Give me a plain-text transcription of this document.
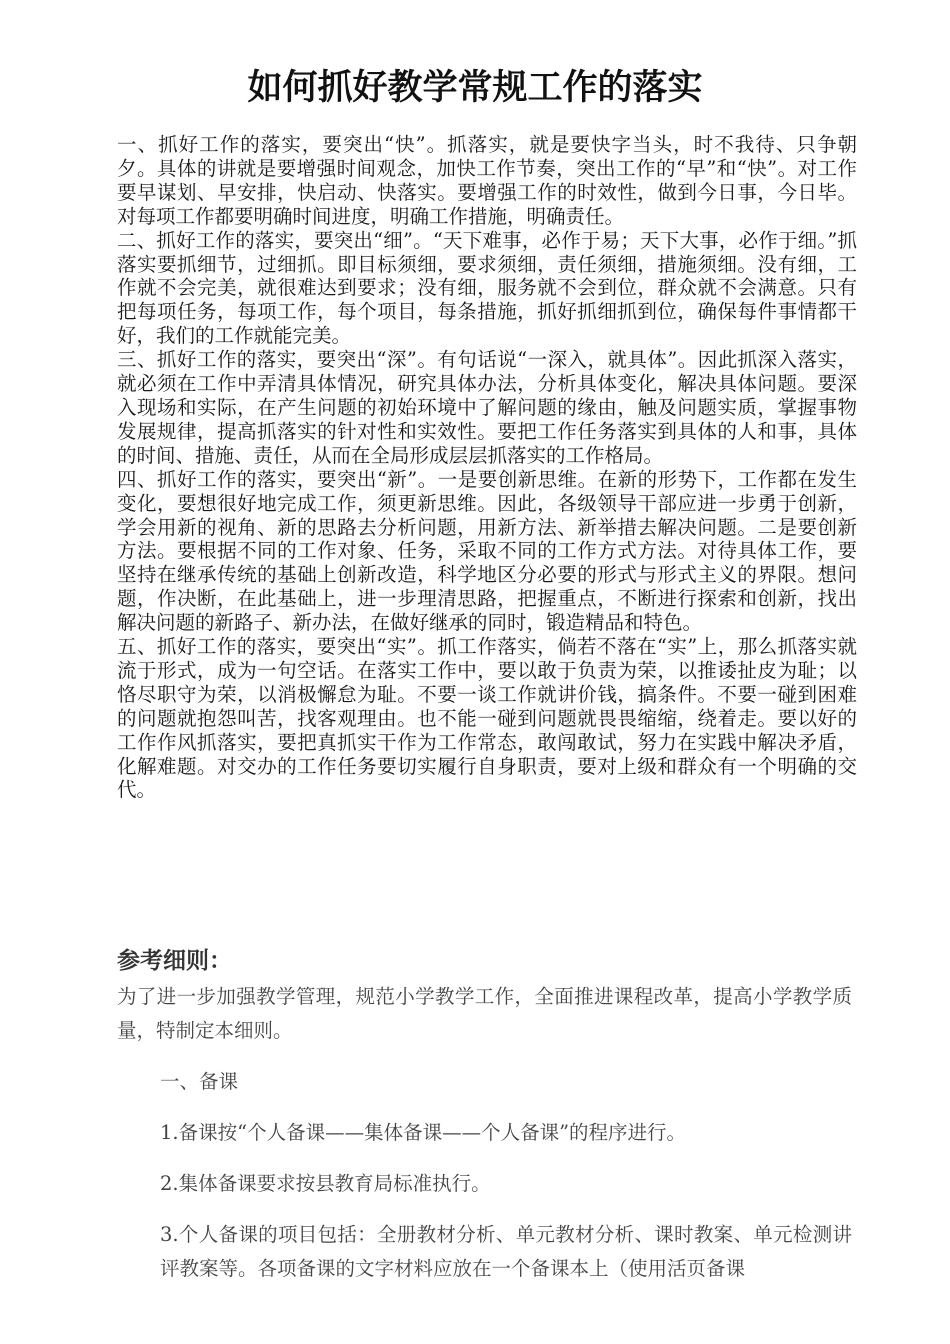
如何抓好教学常规工作的落实

一、抓好工作的落实，要突出“快”。抓落实，就是要快字当头，时不我待、只争朝夕。具体的讲就是要增强时间观念，加快工作节奏，突出工作的“早”和“快”。对工作要早谋划、早安排，快启动、快落实。要增强工作的时效性，做到今日事，今日毕。对每项工作都要明确时间进度，明确工作措施，明确责任。

二、抓好工作的落实，要突出“细”。“天下难事，必作于易；天下大事，必作于细。”抓落实要抓细节，过细抓。即目标须细，要求须细，责任须细，措施须细。没有细，工作就不会完美，就很难达到要求；没有细，服务就不会到位，群众就不会满意。只有把每项任务，每项工作，每个项目，每条措施，抓好抓细抓到位，确保每件事情都干好，我们的工作就能完美。

三、抓好工作的落实，要突出“深”。有句话说“一深入，就具体”。因此抓深入落实，就必须在工作中弄清具体情况，研究具体办法，分析具体变化，解决具体问题。要深入现场和实际，在产生问题的初始环境中了解问题的缘由，触及问题实质，掌握事物发展规律，提高抓落实的针对性和实效性。要把工作任务落实到具体的人和事，具体的时间、措施、责任，从而在全局形成层层抓落实的工作格局。

四、抓好工作的落实，要突出“新”。一是要创新思维。在新的形势下，工作都在发生变化，要想很好地完成工作，须更新思维。因此，各级领导干部应进一步勇于创新，学会用新的视角、新的思路去分析问题，用新方法、新举措去解决问题。二是要创新方法。要根据不同的工作对象、任务，采取不同的工作方式方法。对待具体工作，要坚持在继承传统的基础上创新改造，科学地区分必要的形式与形式主义的界限。想问题，作决断，在此基础上，进一步理清思路，把握重点，不断进行探索和创新，找出解决问题的新路子、新办法，在做好继承的同时，锻造精品和特色。

五、抓好工作的落实，要突出“实”。抓工作落实，倘若不落在“实”上，那么抓落实就流于形式，成为一句空话。在落实工作中，要以敢于负责为荣，以推诿扯皮为耻；以恪尽职守为荣，以消极懈怠为耻。不要一谈工作就讲价钱，搞条件。不要一碰到困难的问题就抱怨叫苦，找客观理由。也不能一碰到问题就畏畏缩缩，绕着走。要以好的工作作风抓落实，要把真抓实干作为工作常态，敢闯敢试，努力在实践中解决矛盾，化解难题。对交办的工作任务要切实履行自身职责，要对上级和群众有一个明确的交代。

参考细则：

为了进一步加强教学管理，规范小学教学工作，全面推进课程改革，提高小学教学质量，特制定本细则。

一、备课

1.备课按“个人备课——集体备课——个人备课”的程序进行。

2.集体备课要求按县教育局标准执行。

3.个人备课的项目包括：全册教材分析、单元教材分析、课时教案、单元检测讲评教案等。各项备课的文字材料应放在一个备课本上（使用活页备课
